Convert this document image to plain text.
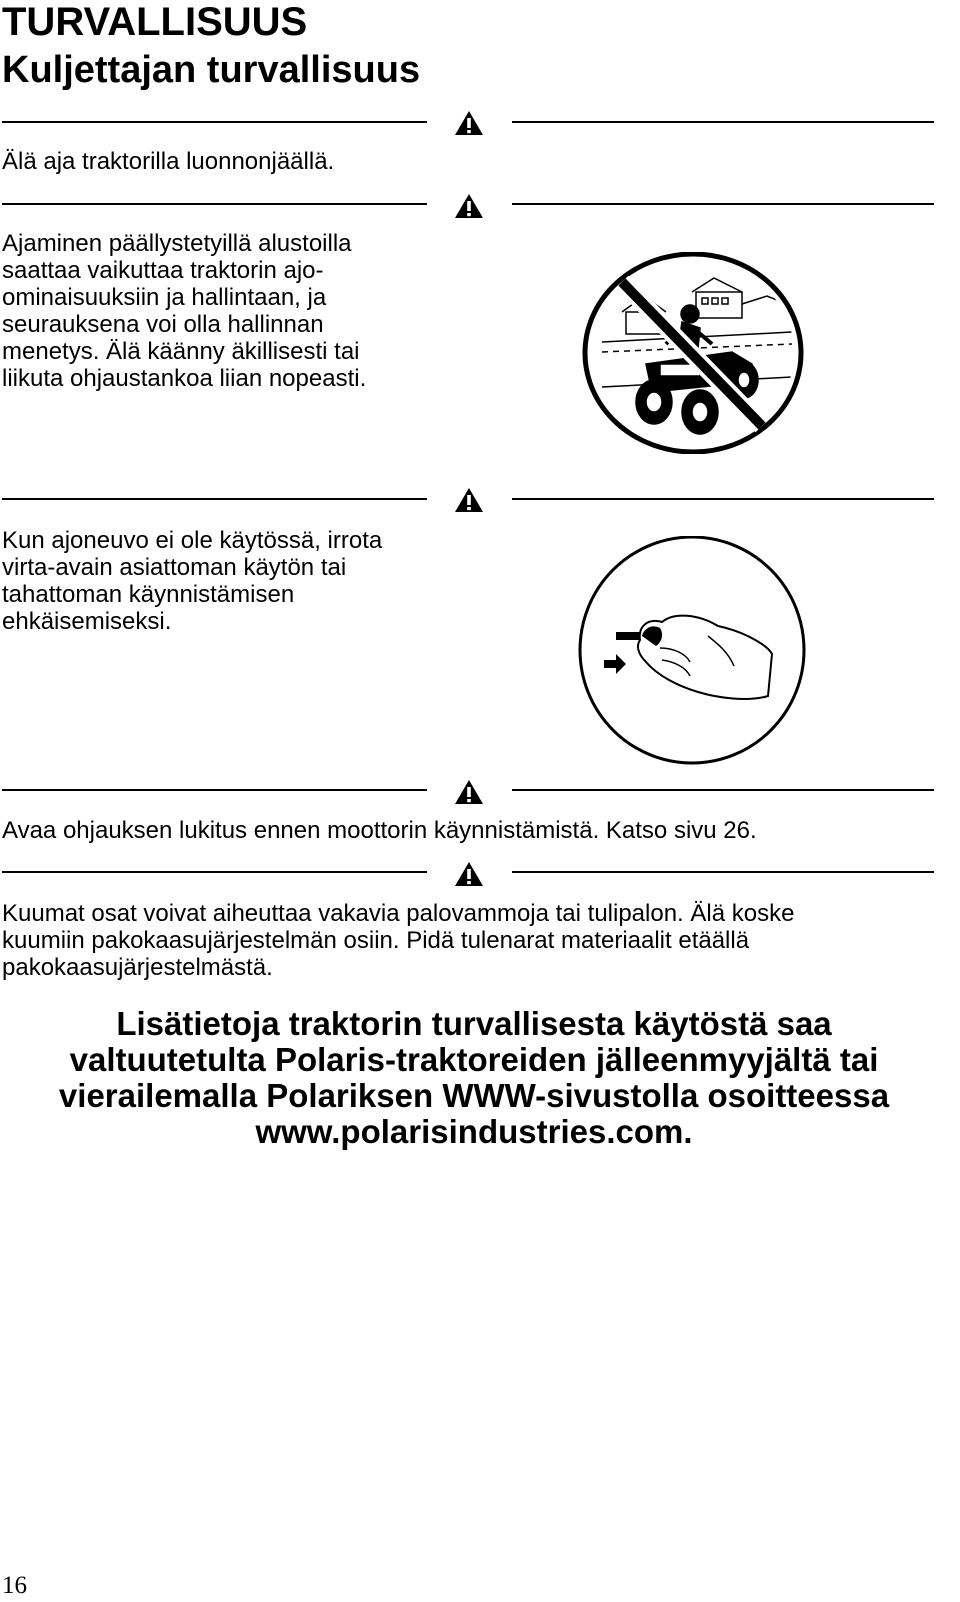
TURVALLISUUS
Kuljettajan turvallisuus
Älä aja traktorilla luonnonjäällä.
Ajaminen päällystetyillä alustoilla
saattaa vaikuttaa traktorin ajo-
ominaisuuksiin ja hallintaan, ja
seurauksena voi olla hallinnan
menetys. Älä käänny äkillisesti tai
liikuta ohjaustankoa liian nopeasti.
Kun ajoneuvo ei ole käytössä, irrota
virta-avain asiattoman käytön tai
tahattoman käynnistämisen
ehkäisemiseksi.
Avaa ohjauksen lukitus ennen moottorin käynnistämistä. Katso sivu 26.
Kuumat osat voivat aiheuttaa vakavia palovammoja tai tulipalon. Älä koske
kuumiin pakokaasujärjestelmän osiin. Pidä tulenarat materiaalit etäällä
pakokaasujärjestelmästä.
Lisätietoja traktorin turvallisesta käytöstä saa
valtuutetulta Polaris-traktoreiden jälleenmyyjältä tai
vierailemalla Polariksen WWW-sivustolla osoitteessa
www.polarisindustries.com.
16
